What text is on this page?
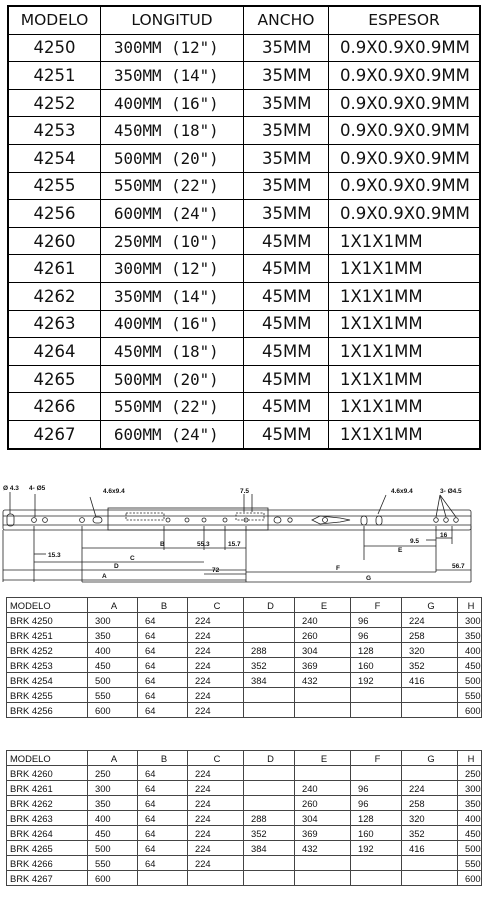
MODELO	LONGITUD	ANCHO	ESPESOR
4250	300MM (12")	35MM	0.9X0.9X0.9MM
4251	350MM (14")	35MM	0.9X0.9X0.9MM
4252	400MM (16")	35MM	0.9X0.9X0.9MM
4253	450MM (18")	35MM	0.9X0.9X0.9MM
4254	500MM (20")	35MM	0.9X0.9X0.9MM
4255	550MM (22")	35MM	0.9X0.9X0.9MM
4256	600MM (24")	35MM	0.9X0.9X0.9MM
4260	250MM (10")	45MM	1X1X1MM
4261	300MM (12")	45MM	1X1X1MM
4262	350MM (14")	45MM	1X1X1MM
4263	400MM (16")	45MM	1X1X1MM
4264	450MM (18")	45MM	1X1X1MM
4265	500MM (20")	45MM	1X1X1MM
4266	550MM (22")	45MM	1X1X1MM
4267	600MM (24")	45MM	1X1X1MM
Ø 4.3 4- Ø5	4.6x9.4	7.5	4.6x9.4	3- Ø4.5
15.3
B	55.3	15.7
C
D
72
A
16
9.5
E
F	56.7
G
MODELO	A	B	C	D	E	F	G	H
BRK 4250	300	64	224		240	96	224	300
BRK 4251	350	64	224		260	96	258	350
BRK 4252	400	64	224	288	304	128	320	400
BRK 4253	450	64	224	352	369	160	352	450
BRK 4254	500	64	224	384	432	192	416	500
BRK 4255	550	64	224					550
BRK 4256	600	64	224					600
MODELO	A	B	C	D	E	F	G	H
BRK 4260	250	64	224					250
BRK 4261	300	64	224		240	96	224	300
BRK 4262	350	64	224		260	96	258	350
BRK 4263	400	64	224	288	304	128	320	400
BRK 4264	450	64	224	352	369	160	352	450
BRK 4265	500	64	224	384	432	192	416	500
BRK 4266	550	64	224					550
BRK 4267	600							600
